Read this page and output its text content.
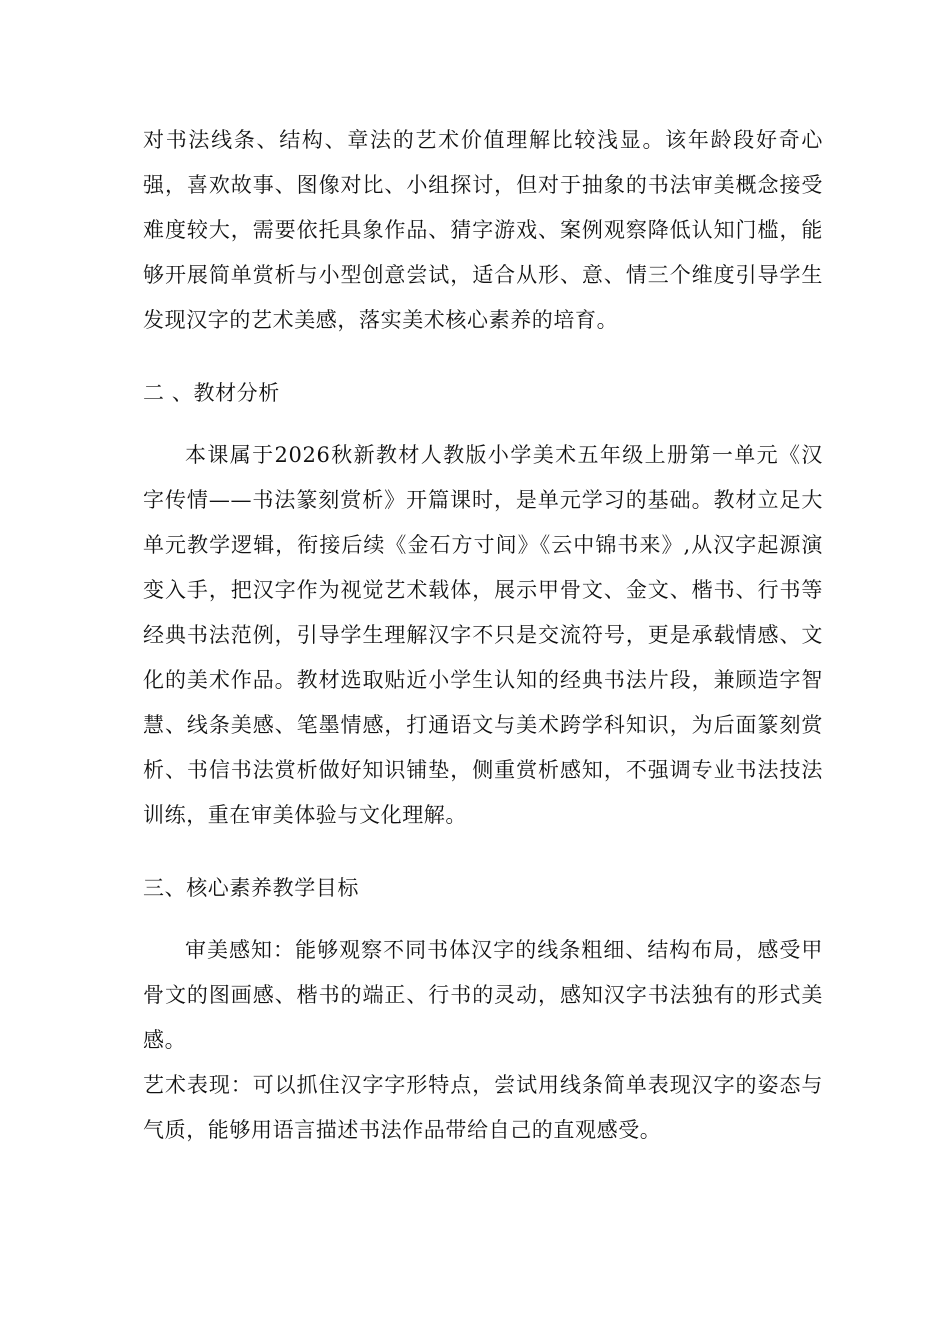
对书法线条、结构、章法的艺术价值理解比较浅显。该年龄段好奇心强，喜欢故事、图像对比、小组探讨，但对于抽象的书法审美概念接受难度较大，需要依托具象作品、猜字游戏、案例观察降低认知门槛，能够开展简单赏析与小型创意尝试，适合从形、意、情三个维度引导学生发现汉字的艺术美感，落实美术核心素养的培育。

二 、教材分析

本课属于2026秋新教材人教版小学美术五年级上册第一单元《汉字传情——书法篆刻赏析》开篇课时，是单元学习的基础。教材立足大单元教学逻辑，衔接后续《金石方寸间》《云中锦书来》,从汉字起源演变入手，把汉字作为视觉艺术载体，展示甲骨文、金文、楷书、行书等经典书法范例，引导学生理解汉字不只是交流符号，更是承载情感、文化的美术作品。教材选取贴近小学生认知的经典书法片段，兼顾造字智慧、线条美感、笔墨情感，打通语文与美术跨学科知识，为后面篆刻赏析、书信书法赏析做好知识铺垫，侧重赏析感知，不强调专业书法技法训练，重在审美体验与文化理解。

三、核心素养教学目标

审美感知：能够观察不同书体汉字的线条粗细、结构布局，感受甲骨文的图画感、楷书的端正、行书的灵动，感知汉字书法独有的形式美感。

艺术表现：可以抓住汉字字形特点，尝试用线条简单表现汉字的姿态与气质，能够用语言描述书法作品带给自己的直观感受。
